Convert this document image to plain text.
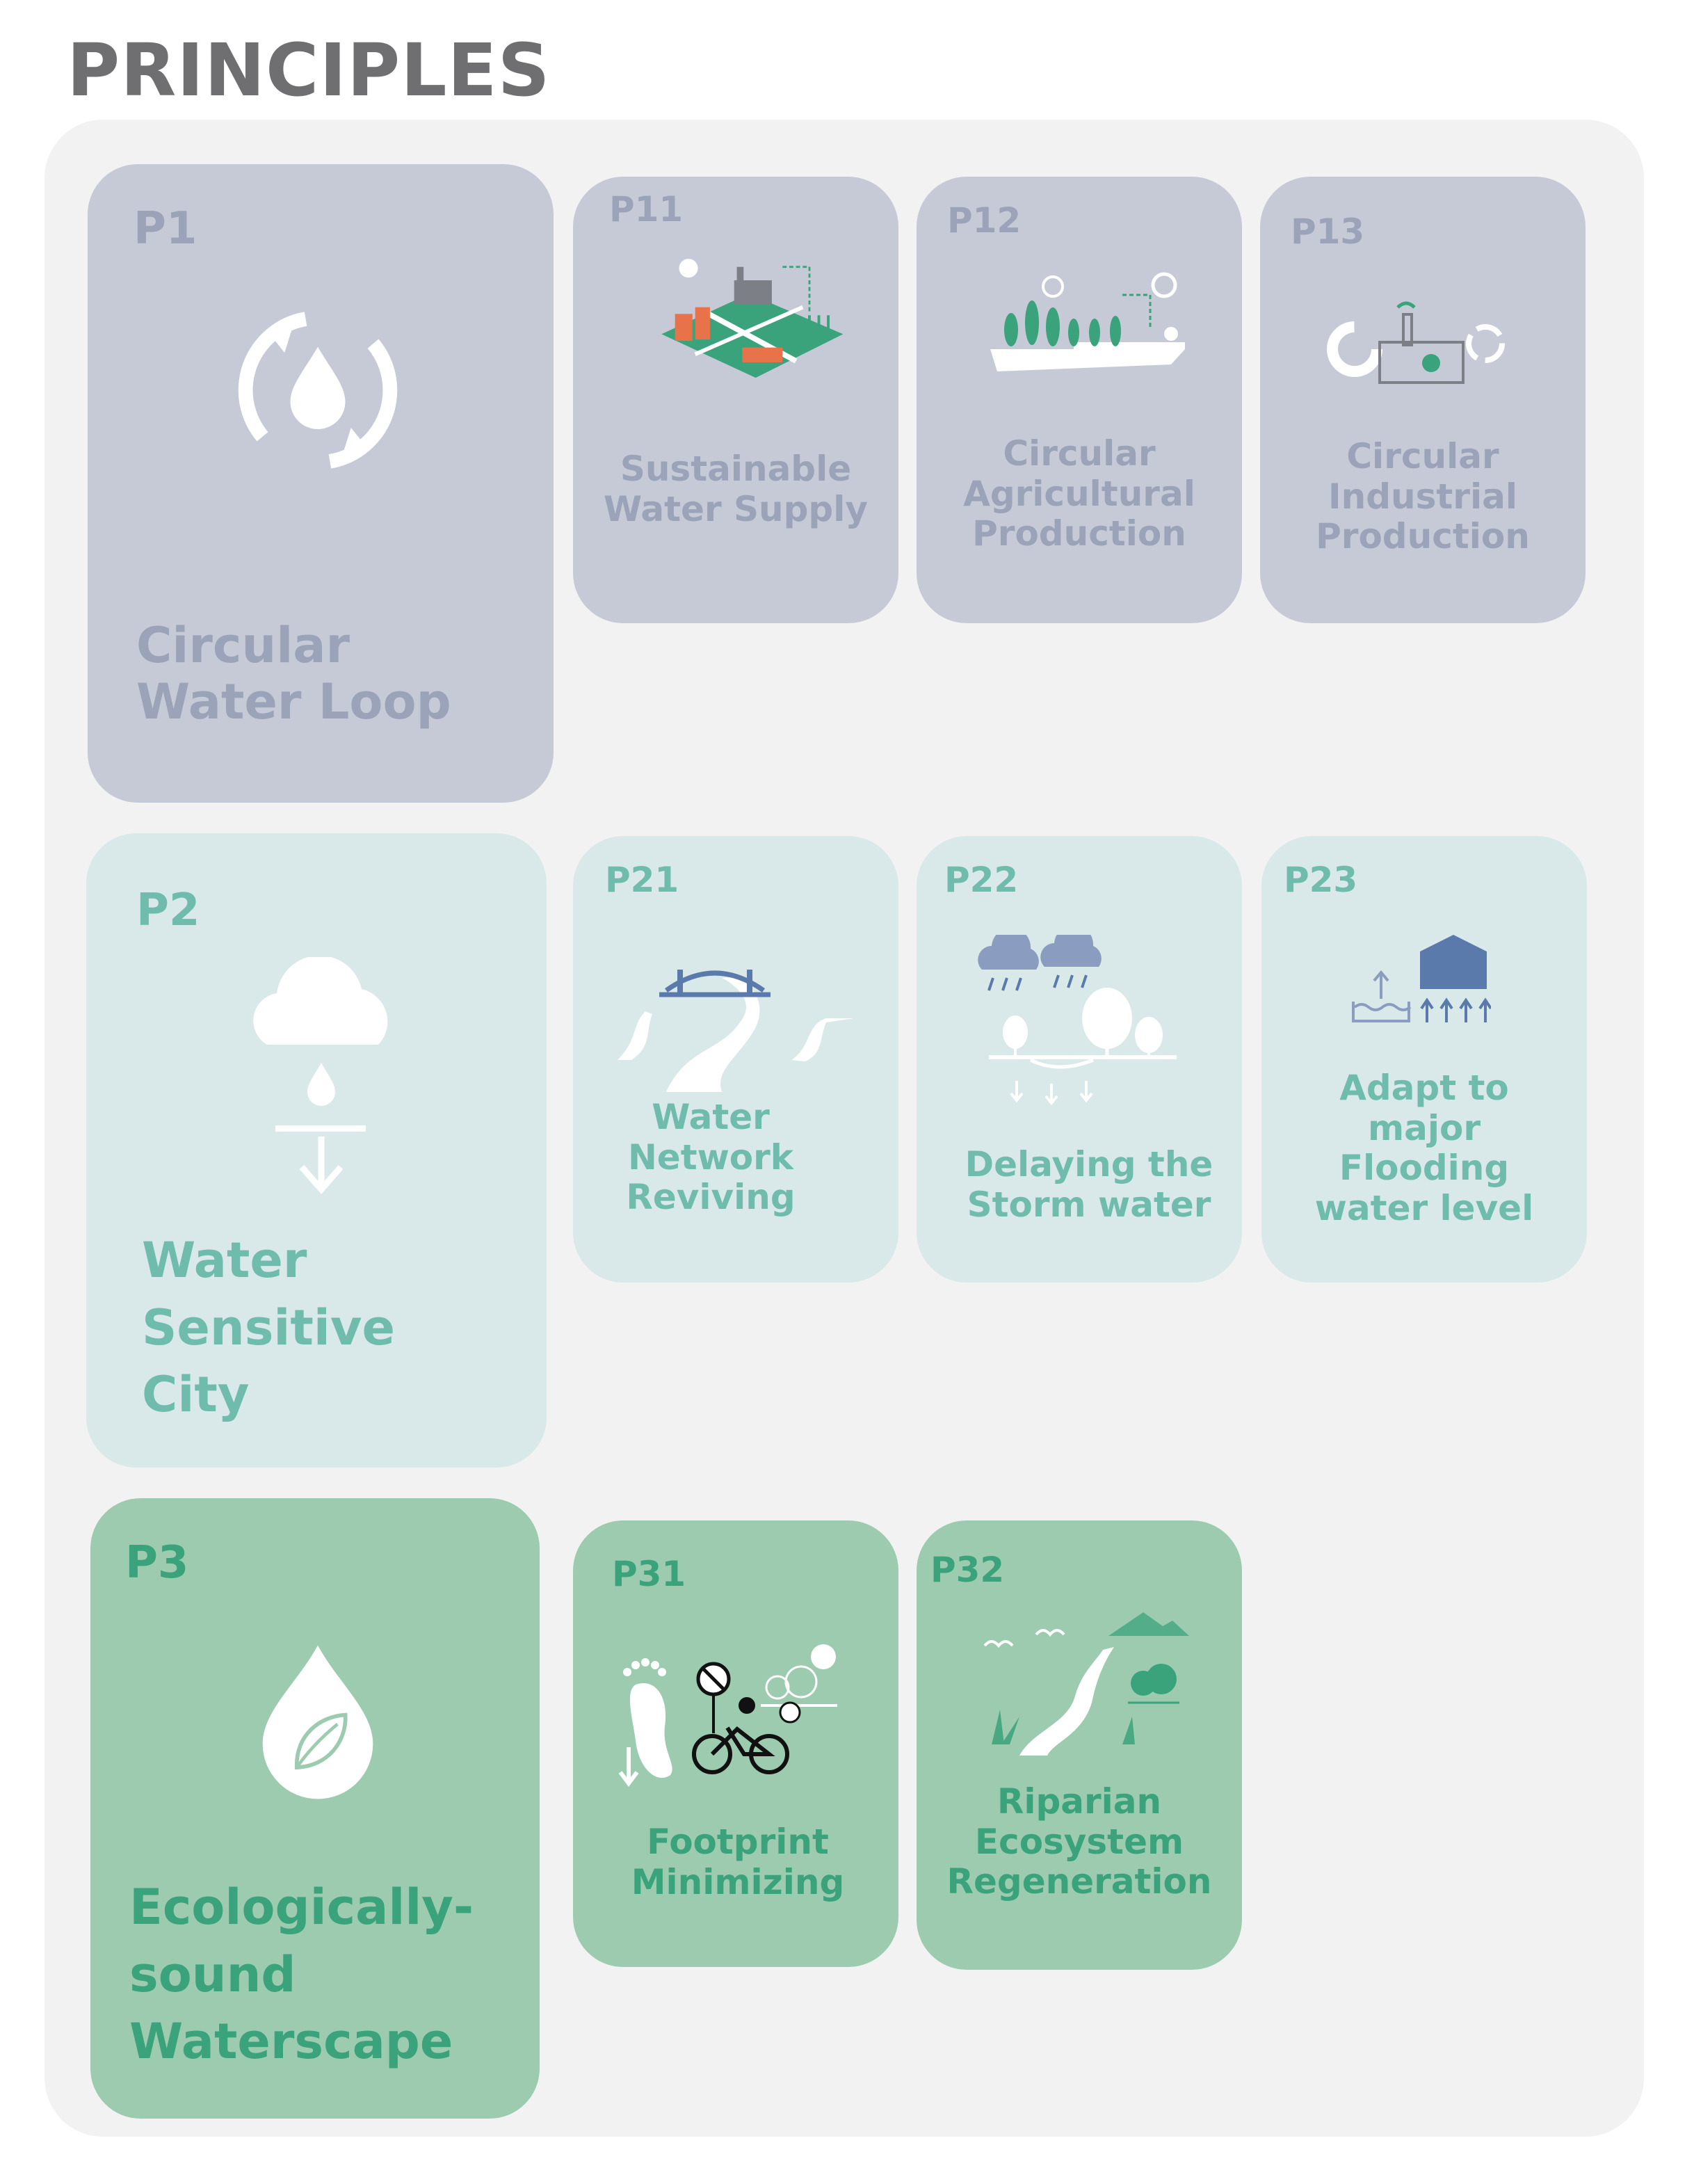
PRINCIPLES
P1
Circular
Water Loop
P11
Sustainable
Water Supply
P12
Circular
Agricultural
Production
P13
Circular
Industrial
Production
P2
Water
Sensitive
City
P21
Water
Network
Reviving
P22
Delaying the
Storm water
P23
Adapt to
major
Flooding
water level
P3
Ecologically-
sound
Waterscape
P31
Footprint
Minimizing
P32
Riparian
Ecosystem
Regeneration
